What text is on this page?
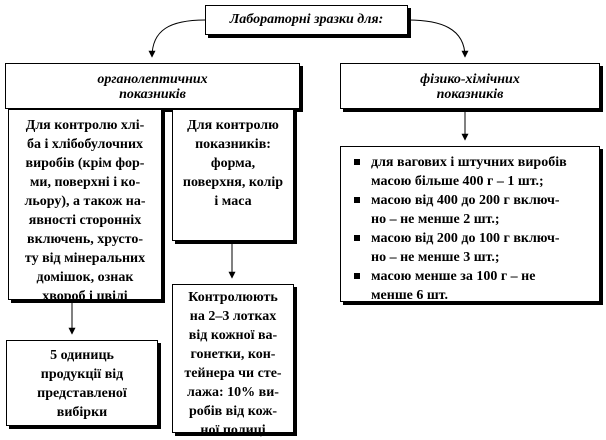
Лабораторні зразки для:
органолептичних
показників
фізико-хімічних
показників
Для контролю хлі-
ба і хлібобулочних
виробів (крім фор-
ми, поверхні і ко-
льору), а також на-
явності сторонніх
включень, хрусто-
ту від мінеральних
домішок, ознак
хвороб і цвілі
Для контролю
показників:
форма,
поверхня, колір
і маса
5 одиниць
продукції від
представленої
вибірки
Контролюють
на 2–3 лотках
від кожної ва-
гонетки, кон-
тейнера чи сте-
лажа: 10% ви-
робів від кож-
ної полиці
для вагових і штучних виробів
масою більше 400 г – 1 шт.;
масою від 400 до 200 г включ-
но – не менше 2 шт.;
масою від 200 до 100 г включ-
но – не менше 3 шт.;
масою менше за 100 г – не
менше 6 шт.
